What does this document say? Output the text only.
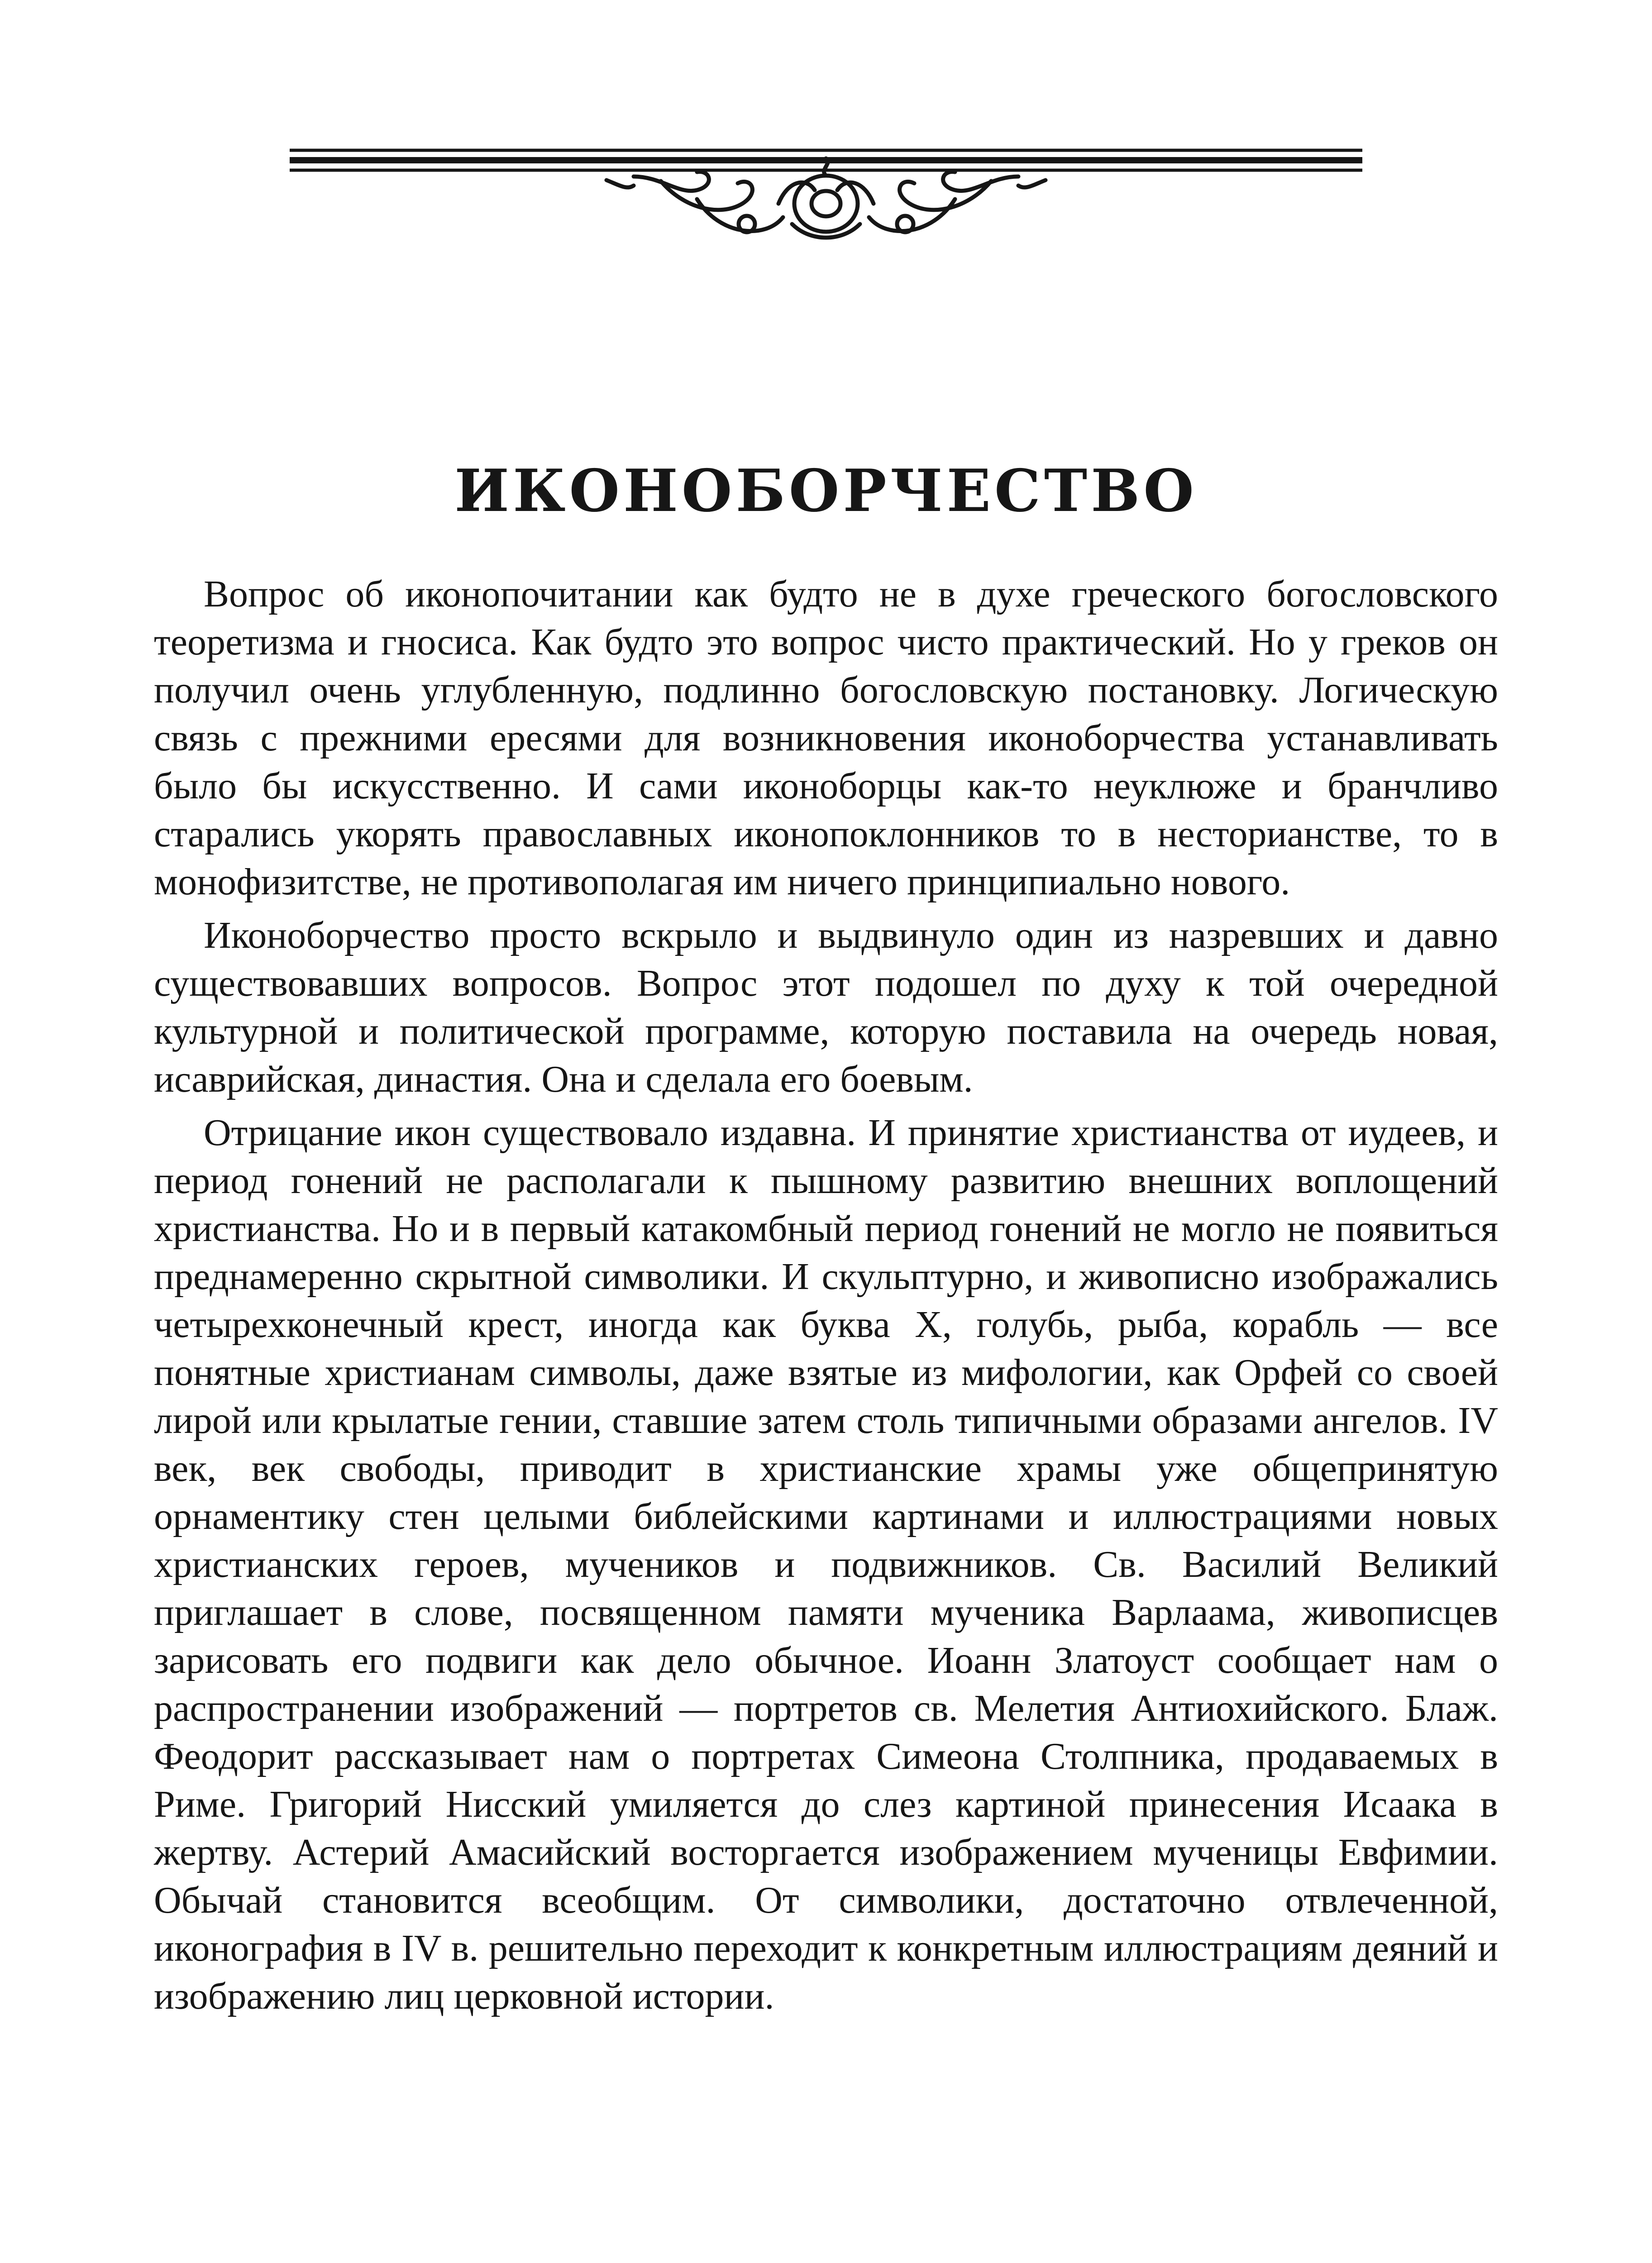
ИКОНОБОРЧЕСТВО

Вопрос об иконопочитании как будто не в духе греческого богословского теоретизма и гносиса. Как будто это вопрос чисто практический. Но у греков он получил очень углубленную, подлинно богословскую постановку. Логическую связь с прежними ересями для возникновения иконоборчества устанавливать было бы искусственно. И сами иконоборцы как-то неуклюже и бранчливо старались укорять православных иконопоклонников то в несторианстве, то в монофизитстве, не противополагая им ничего принципиально нового.

Иконоборчество просто вскрыло и выдвинуло один из назревших и давно существовавших вопросов. Вопрос этот подошел по духу к той очередной культурной и политической программе, которую поставила на очередь новая, исаврийская, династия. Она и сделала его боевым.

Отрицание икон существовало издавна. И принятие христианства от иудеев, и период гонений не располагали к пышному развитию внешних воплощений христианства. Но и в первый катакомбный период гонений не могло не появиться преднамеренно скрытной символики. И скульптурно, и живописно изображались четырехконечный крест, иногда как буква X, голубь, рыба, корабль — все понятные христианам символы, даже взятые из мифологии, как Орфей со своей лирой или крылатые гении, ставшие затем столь типичными образами ангелов. IV век, век свободы, приводит в христианские храмы уже общепринятую орнаментику стен целыми библейскими картинами и иллюстрациями новых христианских героев, мучеников и подвижников. Св. Василий Великий приглашает в слове, посвященном памяти мученика Варлаама, живописцев зарисовать его подвиги как дело обычное. Иоанн Златоуст сообщает нам о распространении изображений — портретов св. Мелетия Антиохийского. Блаж. Феодорит рассказывает нам о портретах Симеона Столпника, продаваемых в Риме. Григорий Нисский умиляется до слез картиной принесения Исаака в жертву. Астерий Амасийский восторгается изображением мученицы Евфимии. Обычай становится всеобщим. От символики, достаточно отвлеченной, иконография в IV в. решительно переходит к конкретным иллюстрациям деяний и изображению лиц церковной истории.
